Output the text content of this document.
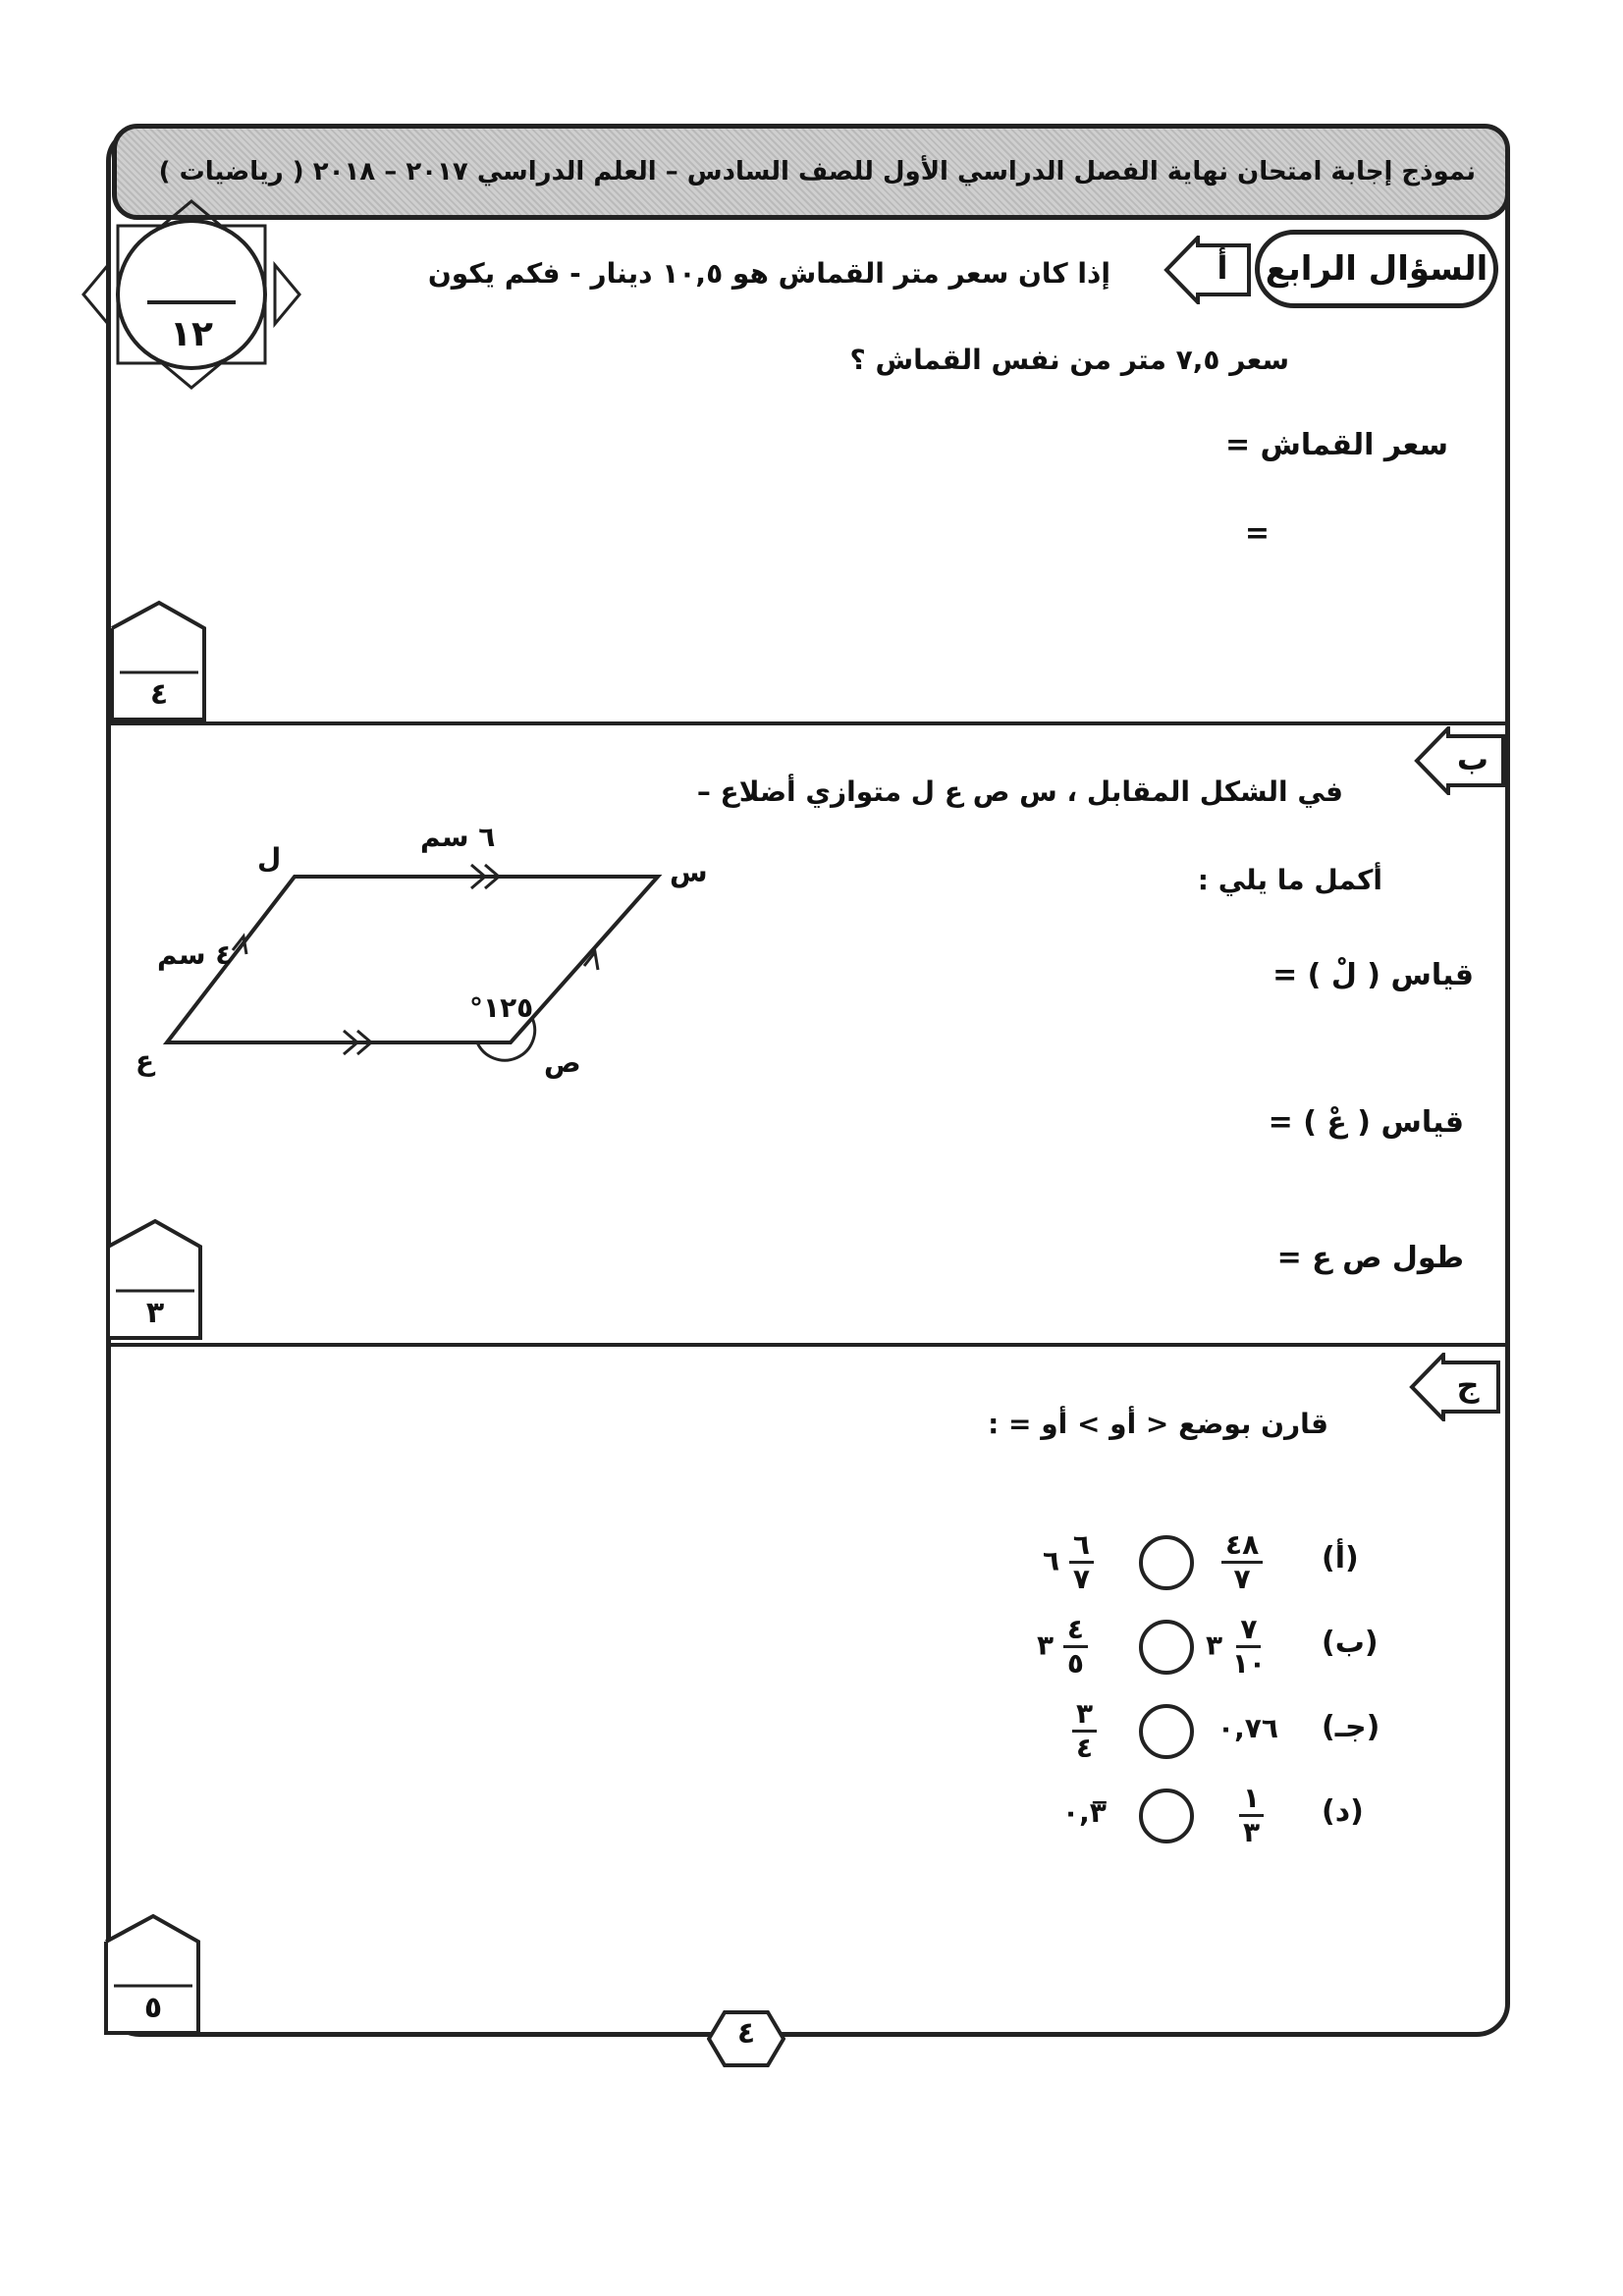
نموذج إجابة امتحان نهاية الفصل الدراسي الأول للصف السادس – العلم الدراسي ٢٠١٧ – ٢٠١٨ ( رياضيات )
١٢
السؤال الرابع
أ
إذا كان سعر متر القماش هو ١٠,٥ دينار - فكم يكون
سعر ٧,٥ متر من نفس القماش ؟
سعر القماش =
=
٤
ب
في الشكل المقابل ، س ص ع ل متوازي أضلاع –
أكمل ما يلي :
قياس ( لْ ) =
قياس ( عْ ) =
طول ص ع =
س
ل
ع	ص
٦ سم
٤ سم
°١٢٥
٣
ج
قارن بوضع < أو > أو = :
(أ)
$\frac{٤٨}{٧}$
٦ $\frac{٦}{٧}$
(ب)
٣ $\frac{٧}{١٠}$
٣ $\frac{٤}{٥}$
(جـ)
٠,٧٦
$\frac{٣}{٤}$
(د)
$\frac{١}{٣}$
٠,٣̅
٥
٤
